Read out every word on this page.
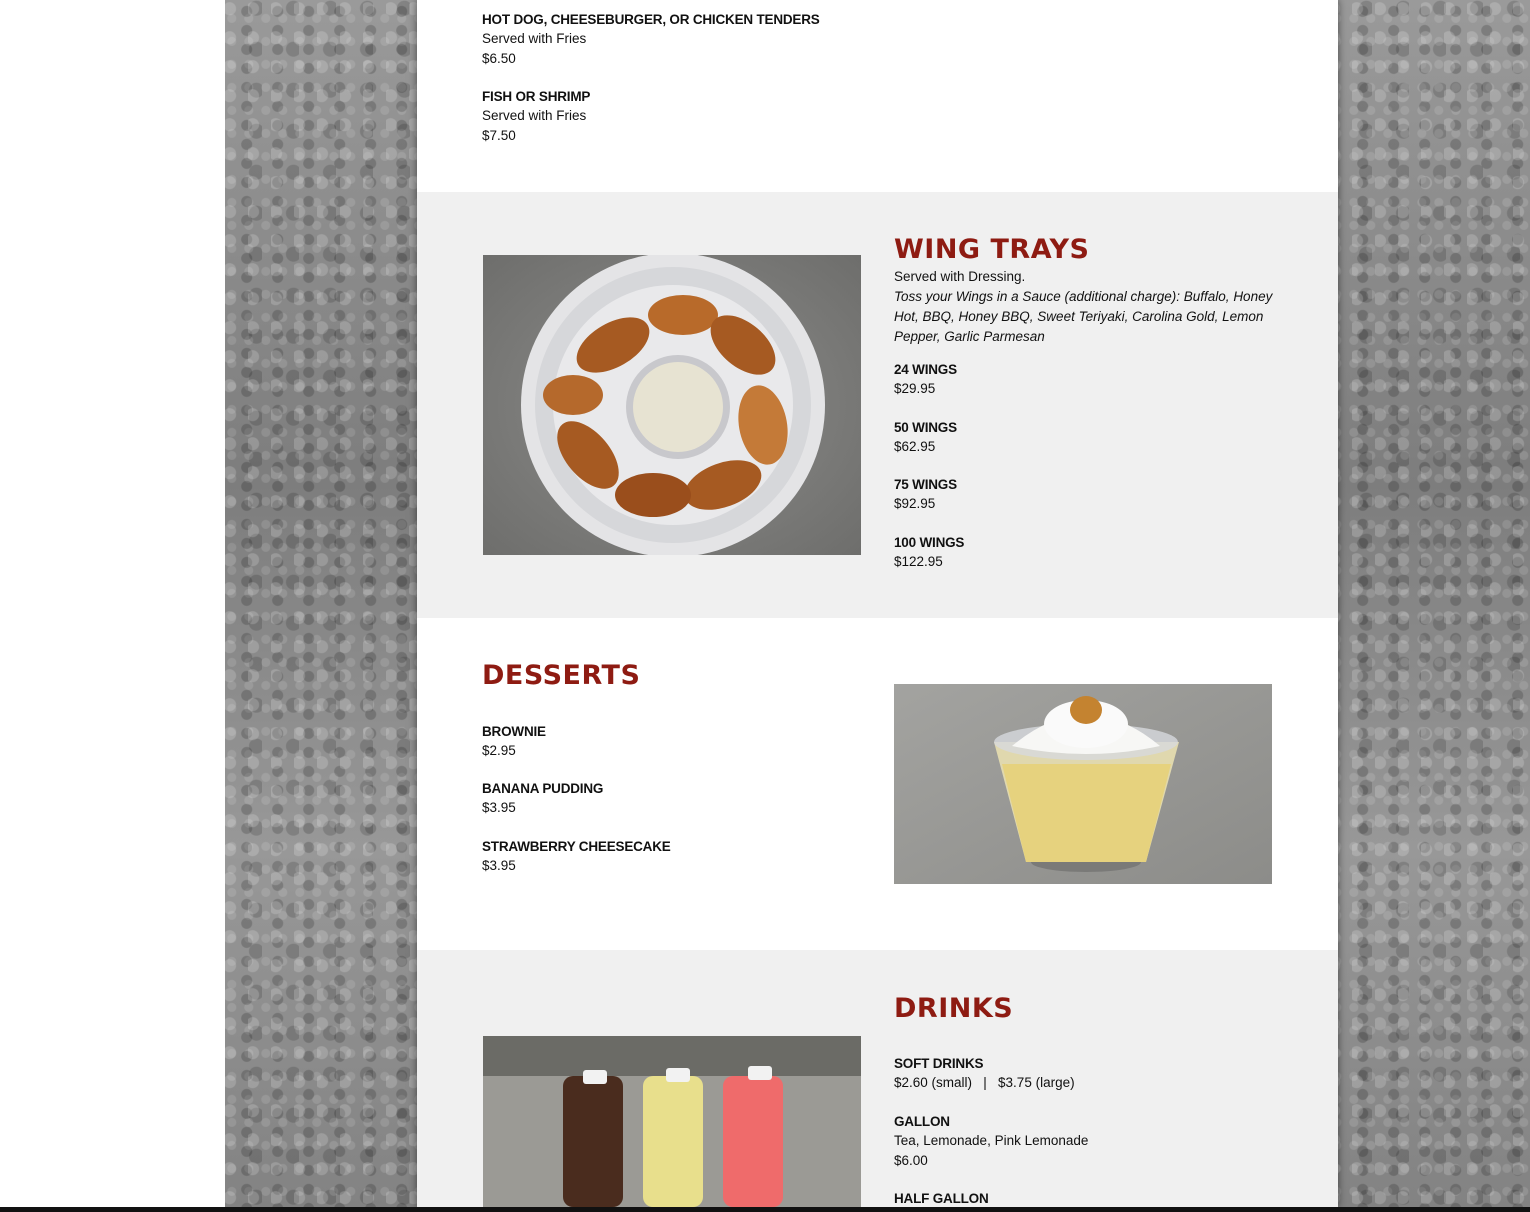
HOT DOG, CHEESEBURGER, OR CHICKEN TENDERS
Served with Fries
$6.50
FISH OR SHRIMP
Served with Fries
$7.50
WING TRAYS
Served with Dressing.
Toss your Wings in a Sauce (additional charge): Buffalo, Honey Hot, BBQ, Honey BBQ, Sweet Teriyaki, Carolina Gold, Lemon Pepper, Garlic Parmesan
24 WINGS
$29.95
50 WINGS
$62.95
75 WINGS
$92.95
100 WINGS
$122.95
DESSERTS
BROWNIE
$2.95
BANANA PUDDING
$3.95
STRAWBERRY CHEESECAKE
$3.95
DRINKS
SOFT DRINKS
$2.60 (small)   |   $3.75 (large)
GALLON
Tea, Lemonade, Pink Lemonade
$6.00
HALF GALLON
